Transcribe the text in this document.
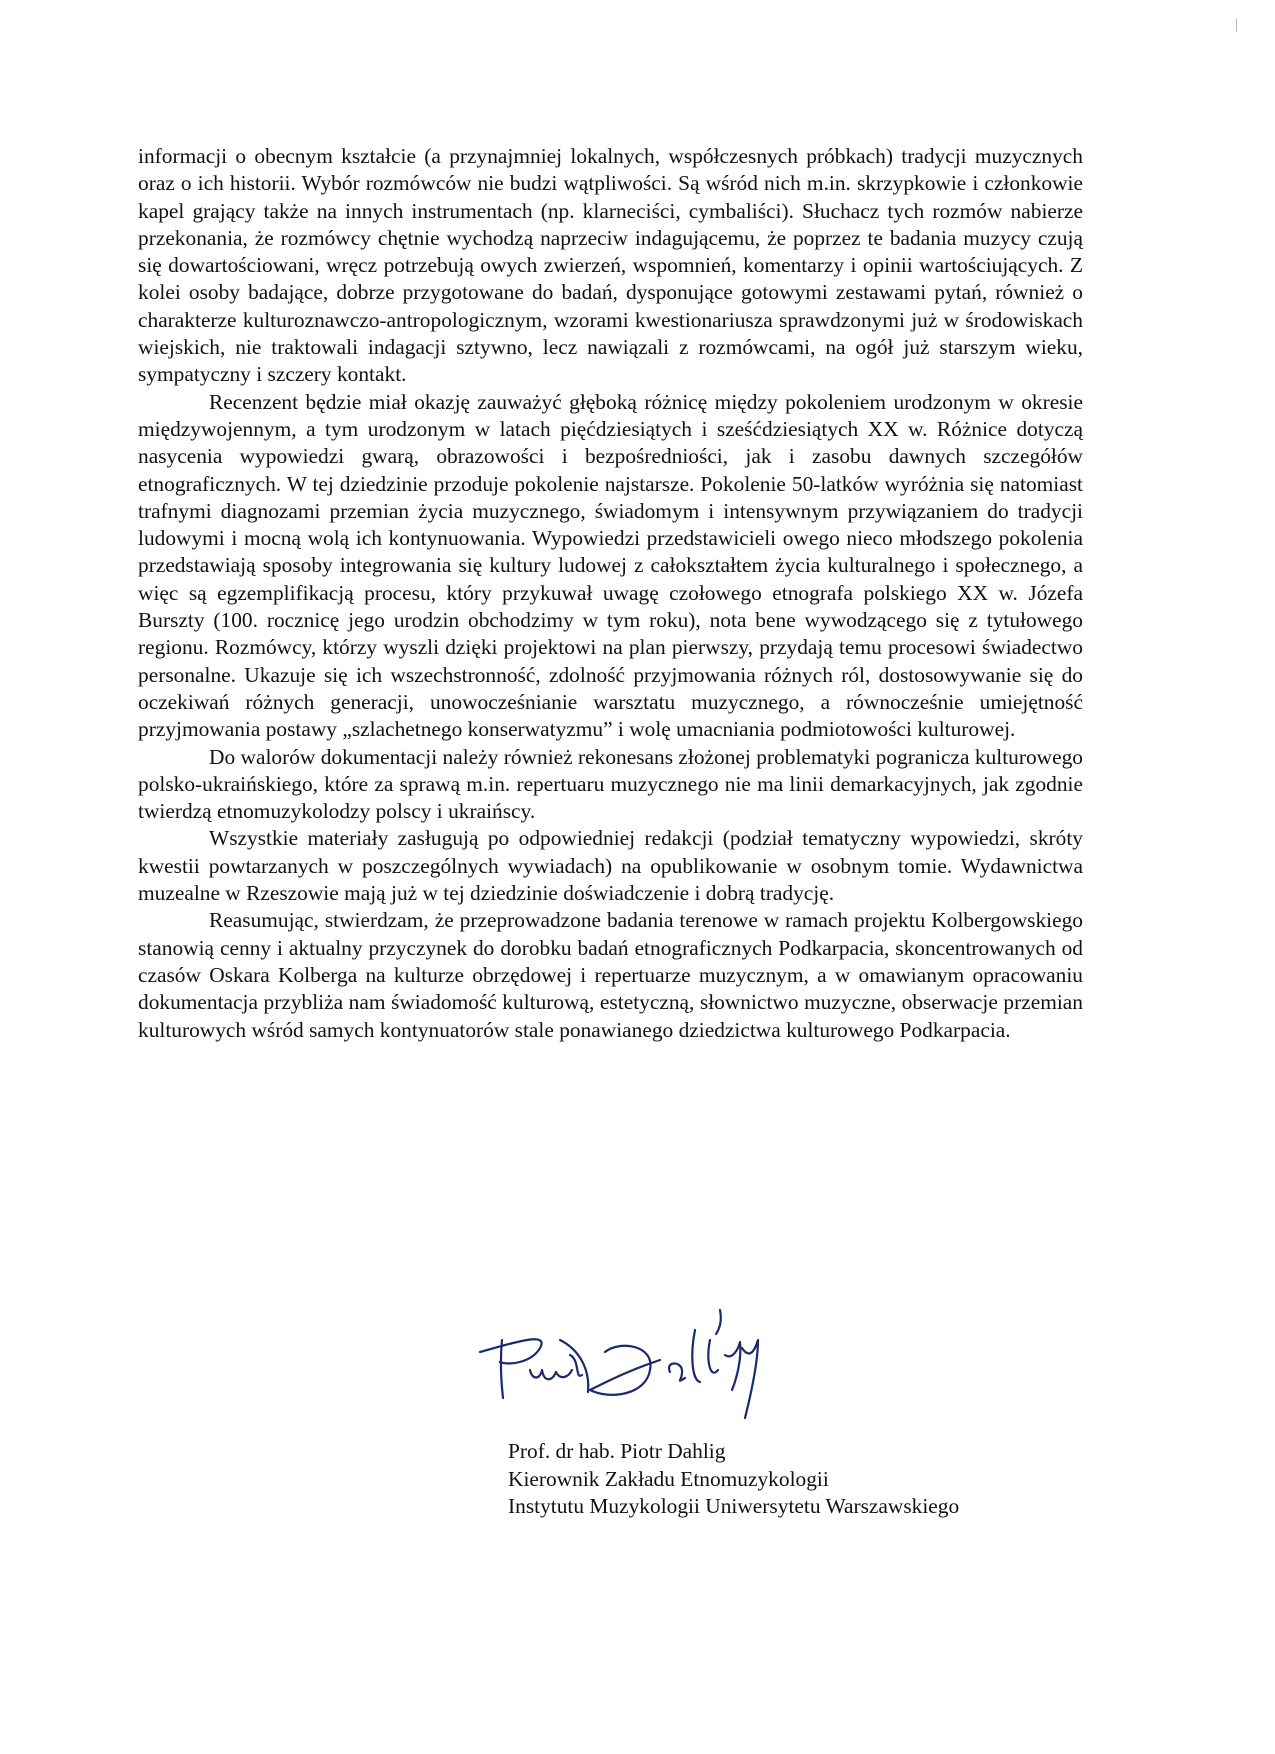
informacji o obecnym kształcie (a przynajmniej lokalnych, współczesnych próbkach) tradycji muzycznych oraz o ich historii. Wybór rozmówców nie budzi wątpliwości. Są wśród nich m.in. skrzypkowie i członkowie kapel grający także na innych instrumentach (np. klarneciści, cymbaliści). Słuchacz tych rozmów nabierze przekonania, że rozmówcy chętnie wychodzą naprzeciw indagującemu, że poprzez te badania muzycy czują się dowartościowani, wręcz potrzebują owych zwierzeń, wspomnień, komentarzy i opinii wartościujących. Z kolei osoby badające, dobrze przygotowane do badań, dysponujące gotowymi zestawami pytań, również o charakterze kulturoznawczo-antropologicznym, wzorami kwestionariusza sprawdzonymi już w środowiskach wiejskich, nie traktowali indagacji sztywno, lecz nawiązali z rozmówcami, na ogół już starszym wieku, sympatyczny i szczery kontakt.

Recenzent będzie miał okazję zauważyć głęboką różnicę między pokoleniem urodzonym w okresie międzywojennym, a tym urodzonym w latach pięćdziesiątych i sześćdziesiątych XX w. Różnice dotyczą nasycenia wypowiedzi gwarą, obrazowości i bezpośredniości, jak i zasobu dawnych szczegółów etnograficznych. W tej dziedzinie przoduje pokolenie najstarsze. Pokolenie 50-latków wyróżnia się natomiast trafnymi diagnozami przemian życia muzycznego, świadomym i intensywnym przywiązaniem do tradycji ludowymi i mocną wolą ich kontynuowania. Wypowiedzi przedstawicieli owego nieco młodszego pokolenia przedstawiają sposoby integrowania się kultury ludowej z całokształtem życia kulturalnego i społecznego, a więc są egzemplifikacją procesu, który przykuwał uwagę czołowego etnografa polskiego XX w. Józefa Burszty (100. rocznicę jego urodzin obchodzimy w tym roku), nota bene wywodzącego się z tytułowego regionu. Rozmówcy, którzy wyszli dzięki projektowi na plan pierwszy, przydają temu procesowi świadectwo personalne. Ukazuje się ich wszechstronność, zdolność przyjmowania różnych ról, dostosowywanie się do oczekiwań różnych generacji, unowocześnianie warsztatu muzycznego, a równocześnie umiejętność przyjmowania postawy „szlachetnego konserwatyzmu” i wolę umacniania podmiotowości kulturowej.

Do walorów dokumentacji należy również rekonesans złożonej problematyki pogranicza kulturowego polsko-ukraińskiego, które za sprawą m.in. repertuaru muzycznego nie ma linii demarkacyjnych, jak zgodnie twierdzą etnomuzykolodzy polscy i ukraińscy.

Wszystkie materiały zasługują po odpowiedniej redakcji (podział tematyczny wypowiedzi, skróty kwestii powtarzanych w poszczególnych wywiadach) na opublikowanie w osobnym tomie. Wydawnictwa muzealne w Rzeszowie mają już w tej dziedzinie doświadczenie i dobrą tradycję.

Reasumując, stwierdzam, że przeprowadzone badania terenowe w ramach projektu Kolbergowskiego stanowią cenny i aktualny przyczynek do dorobku badań etnograficznych Podkarpacia, skoncentrowanych od czasów Oskara Kolberga na kulturze obrzędowej i repertuarze muzycznym, a w omawianym opracowaniu dokumentacja przybliża nam świadomość kulturową, estetyczną, słownictwo muzyczne, obserwacje przemian kulturowych wśród samych kontynuatorów stale ponawianego dziedzictwa kulturowego Podkarpacia.

Prof. dr hab. Piotr Dahlig
Kierownik Zakładu Etnomuzykologii
Instytutu Muzykologii Uniwersytetu Warszawskiego
